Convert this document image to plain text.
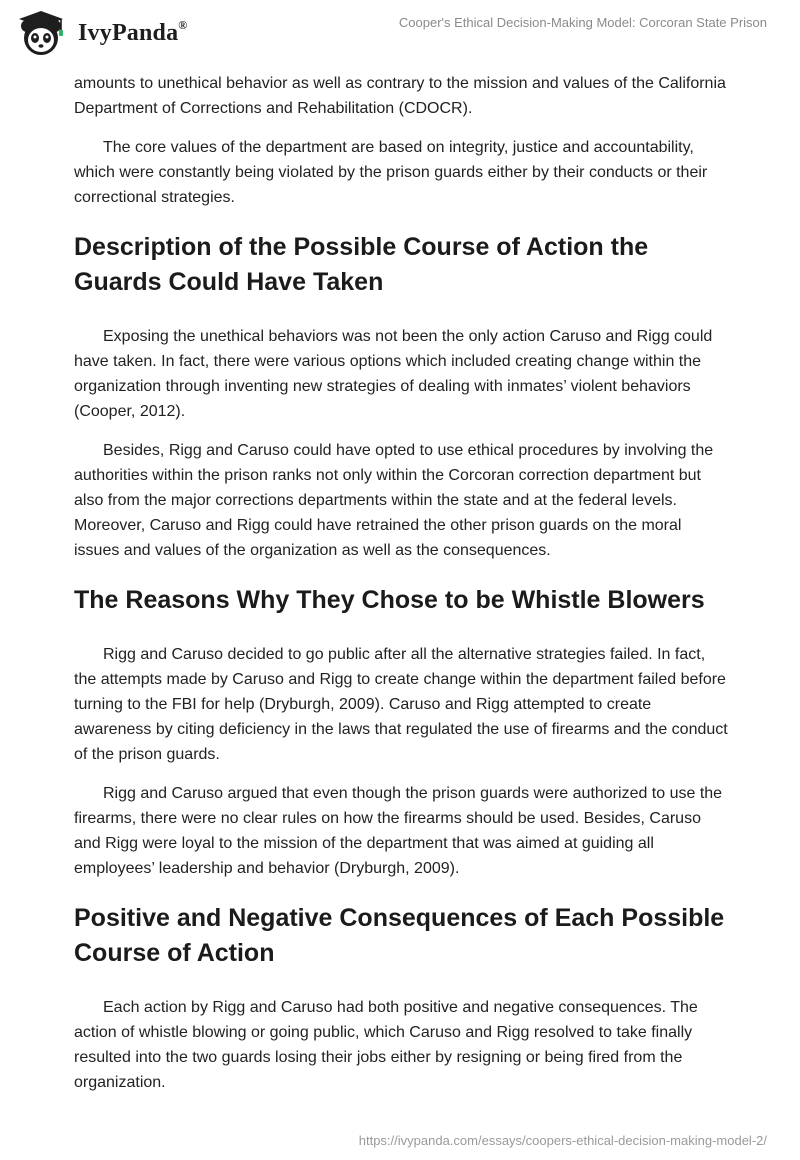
IvyPanda®	Cooper's Ethical Decision-Making Model: Corcoran State Prison

amounts to unethical behavior as well as contrary to the mission and values of the California Department of Corrections and Rehabilitation (CDOCR).

The core values of the department are based on integrity, justice and accountability, which were constantly being violated by the prison guards either by their conducts or their correctional strategies.

Description of the Possible Course of Action the Guards Could Have Taken

Exposing the unethical behaviors was not been the only action Caruso and Rigg could have taken. In fact, there were various options which included creating change within the organization through inventing new strategies of dealing with inmates’ violent behaviors (Cooper, 2012).

Besides, Rigg and Caruso could have opted to use ethical procedures by involving the authorities within the prison ranks not only within the Corcoran correction department but also from the major corrections departments within the state and at the federal levels. Moreover, Caruso and Rigg could have retrained the other prison guards on the moral issues and values of the organization as well as the consequences.

The Reasons Why They Chose to be Whistle Blowers

Rigg and Caruso decided to go public after all the alternative strategies failed. In fact, the attempts made by Caruso and Rigg to create change within the department failed before turning to the FBI for help (Dryburgh, 2009). Caruso and Rigg attempted to create awareness by citing deficiency in the laws that regulated the use of firearms and the conduct of the prison guards.

Rigg and Caruso argued that even though the prison guards were authorized to use the firearms, there were no clear rules on how the firearms should be used. Besides, Caruso and Rigg were loyal to the mission of the department that was aimed at guiding all employees’ leadership and behavior (Dryburgh, 2009).

Positive and Negative Consequences of Each Possible Course of Action

Each action by Rigg and Caruso had both positive and negative consequences. The action of whistle blowing or going public, which Caruso and Rigg resolved to take finally resulted into the two guards losing their jobs either by resigning or being fired from the organization.

https://ivypanda.com/essays/coopers-ethical-decision-making-model-2/
